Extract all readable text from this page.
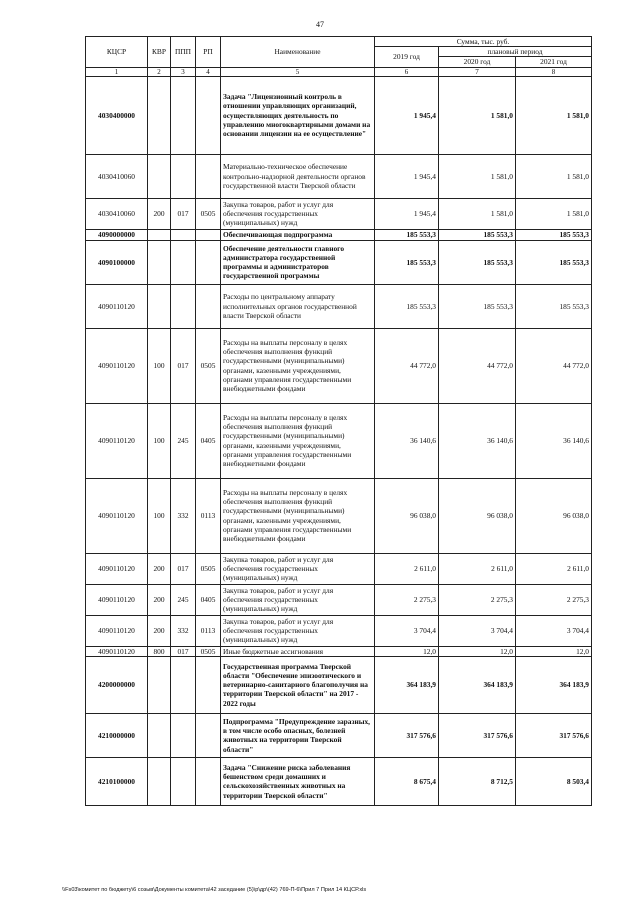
47
КЦСР	КВР	ППП	РП	Наименование	Сумма, тыс. руб.		
					2019 год	плановый период	
						2020 год	2021 год
1	2	3	4	5	6	7	8
4030400000				Задача "Лицензионный контроль в отношении управляющих организаций, осуществляющих деятельность по управлению многоквартирными домами на основании лицензии на ее осуществление"	1 945,4	1 581,0	1 581,0
4030410060				Материально-техническое обеспечение контрольно-надзорной деятельности органов государственной власти Тверской области	1 945,4	1 581,0	1 581,0
4030410060	200	017	0505	Закупка товаров, работ и услуг для обеспечения государственных (муниципальных) нужд	1 945,4	1 581,0	1 581,0
4090000000				Обеспечивающая подпрограмма	185 553,3	185 553,3	185 553,3
4090100000				Обеспечение деятельности главного администратора государственной программы и администраторов государственной программы	185 553,3	185 553,3	185 553,3
4090110120				Расходы по центральному аппарату исполнительных органов государственной власти Тверской области	185 553,3	185 553,3	185 553,3
4090110120	100	017	0505	Расходы на выплаты персоналу в целях обеспечения выполнения функций государственными (муниципальными) органами, казенными учреждениями, органами управления государственными внебюджетными фондами	44 772,0	44 772,0	44 772,0
4090110120	100	245	0405	Расходы на выплаты персоналу в целях обеспечения выполнения функций государственными (муниципальными) органами, казенными учреждениями, органами управления государственными внебюджетными фондами	36 140,6	36 140,6	36 140,6
4090110120	100	332	0113	Расходы на выплаты персоналу в целях обеспечения выполнения функций государственными (муниципальными) органами, казенными учреждениями, органами управления государственными внебюджетными фондами	96 038,0	96 038,0	96 038,0
4090110120	200	017	0505	Закупка товаров, работ и услуг для обеспечения государственных (муниципальных) нужд	2 611,0	2 611,0	2 611,0
4090110120	200	245	0405	Закупка товаров, работ и услуг для обеспечения государственных (муниципальных) нужд	2 275,3	2 275,3	2 275,3
4090110120	200	332	0113	Закупка товаров, работ и услуг для обеспечения государственных (муниципальных) нужд	3 704,4	3 704,4	3 704,4
4090110120	800	017	0505	Иные бюджетные ассигнования	12,0	12,0	12,0
4200000000				Государственная программа Тверской области "Обеспечение эпизоотического и ветеринарно-санитарного благополучия на территории Тверской области" на 2017 - 2022 годы	364 183,9	364 183,9	364 183,9
4210000000				Подпрограмма "Предупреждение заразных, в том числе особо опасных, болезней животных на территории Тверской области"	317 576,6	317 576,6	317 576,6
4210100000				Задача "Снижение риска заболевания бешенством среди домашних и сельскохозяйственных животных на территории Тверской области"	8 675,4	8 712,5	8 503,4
\\Fs03\комитет по бюджету\6 созыв\Документы комитета\42 заседание (5)\р\др\(42) 769-П-6\Прил 7 Прил 14 КЦСР.xls
